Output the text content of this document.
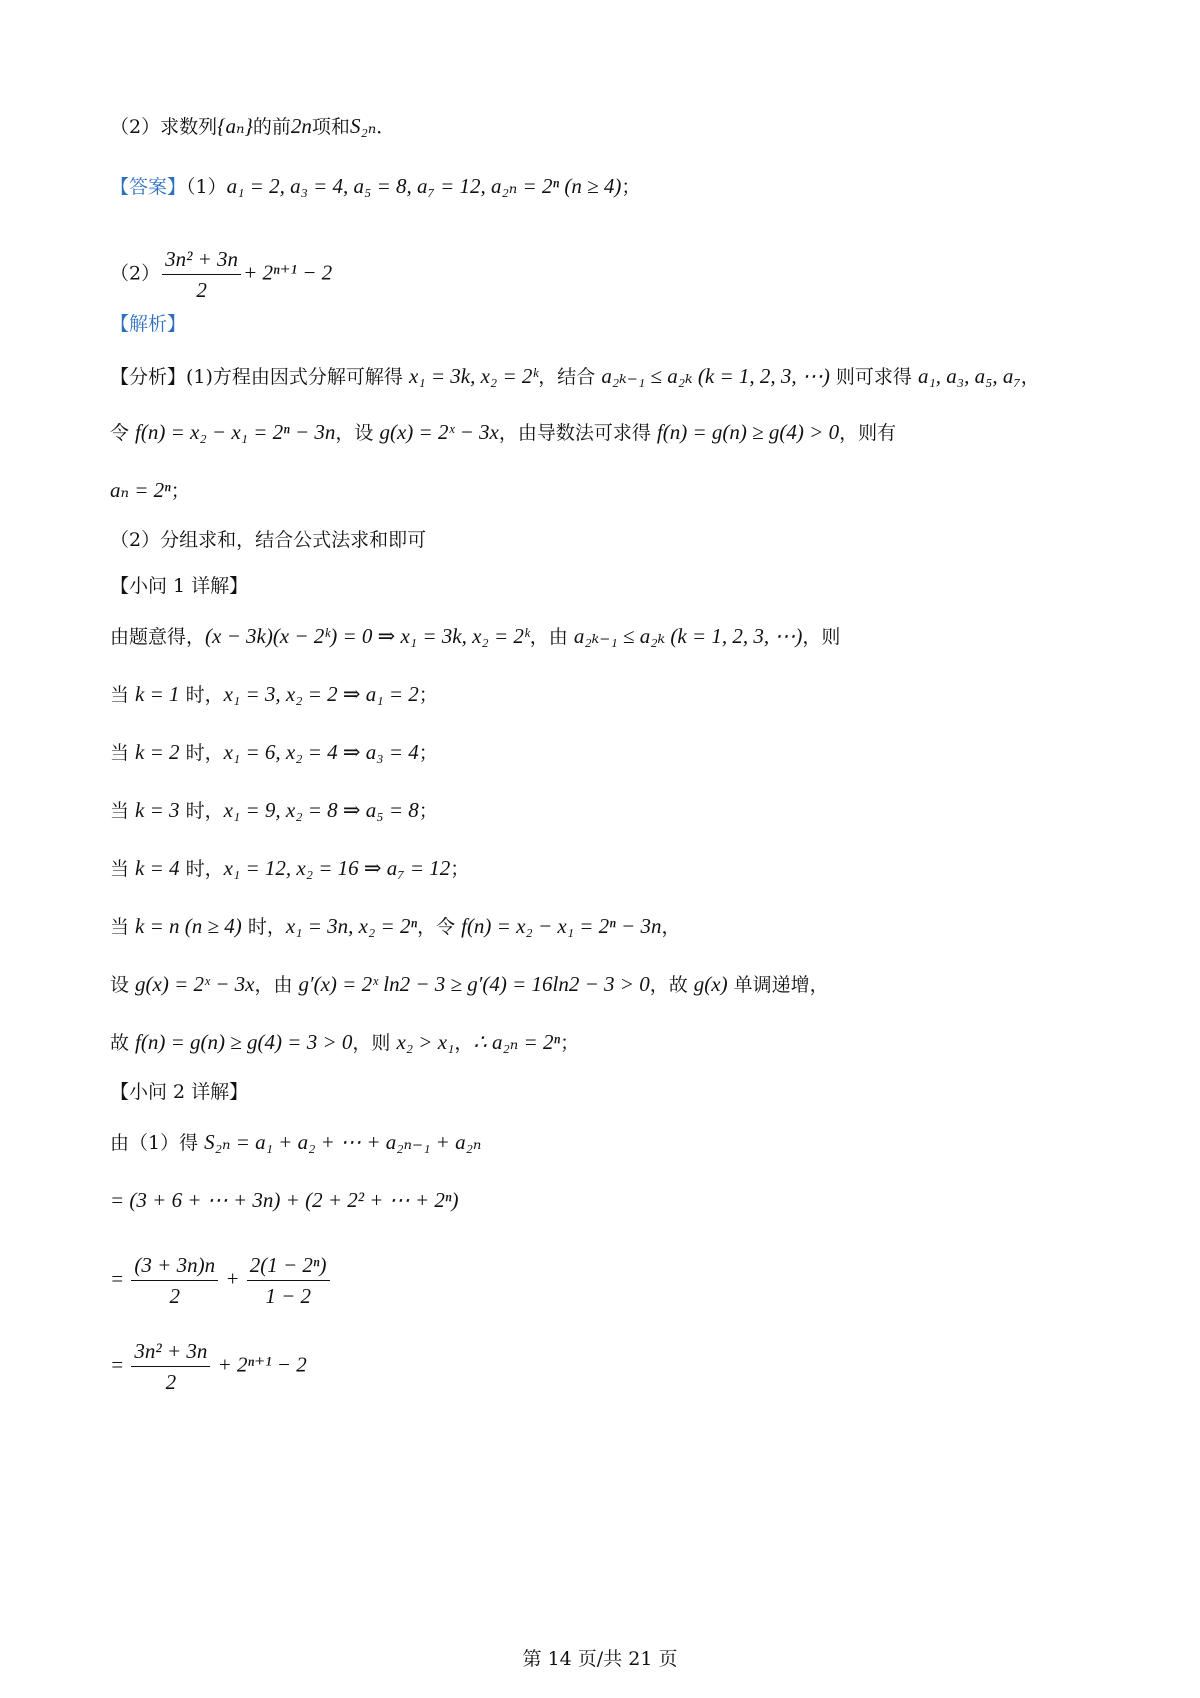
（2）求数列{aₙ}的前2n项和S₂ₙ．
【答案】（1）a₁ = 2, a₃ = 4, a₅ = 8, a₇ = 12, a₂ₙ = 2ⁿ (n ≥ 4)；
$(2) \frac{\text{3n² + 3n}}{2} + 2^{n+1} - 2$
【解析】
【分析】(1)方程由因式分解可解得 x₁ = 3k, x₂ = 2ᵏ，结合 a₂ₖ₋₁ ≤ a₂ₖ (k = 1, 2, 3, ⋯) 则可求得 a₁, a₃, a₅, a₇，
令 f(n) = x₂ − x₁ = 2ⁿ − 3n，设 g(x) = 2ˣ − 3x，由导数法可求得 f(n) = g(n) ≥ g(4) > 0，则有
aₙ = 2ⁿ；
（2）分组求和，结合公式法求和即可
【小问 1 详解】
由题意得，(x − 3k)(x − 2ᵏ) = 0 ⇒ x₁ = 3k, x₂ = 2ᵏ，由 a₂ₖ₋₁ ≤ a₂ₖ (k = 1, 2, 3, ⋯)，则
当 k = 1 时，x₁ = 3, x₂ = 2 ⇒ a₁ = 2；
当 k = 2 时，x₁ = 6, x₂ = 4 ⇒ a₃ = 4；
当 k = 3 时，x₁ = 9, x₂ = 8 ⇒ a₅ = 8；
当 k = 4 时，x₁ = 12, x₂ = 16 ⇒ a₇ = 12；
当 k = n (n ≥ 4) 时，x₁ = 3n, x₂ = 2ⁿ，令 f(n) = x₂ − x₁ = 2ⁿ − 3n，
设 g(x) = 2ˣ − 3x，由 g′(x) = 2ˣ ln2 − 3 ≥ g′(4) = 16ln2 − 3 > 0，故 g(x) 单调递增，
故 f(n) = g(n) ≥ g(4) = 3 > 0，则 x₂ > x₁，∴ a₂ₙ = 2ⁿ；
【小问 2 详解】
由（1）得 S₂ₙ = a₁ + a₂ + ⋯ + a₂ₙ₋₁ + a₂ₙ
= (3 + 6 + ⋯ + 3n) + (2 + 2² + ⋯ + 2ⁿ)
= $\frac{(3 + 3n)n}{2} + \frac{\text{2(1 − 2ⁿ)}}{1 - 2}$
= $\frac{\text{3n² + 3n}}{2} + 2^{n+1} - 2$
第 14 页/共 21 页
